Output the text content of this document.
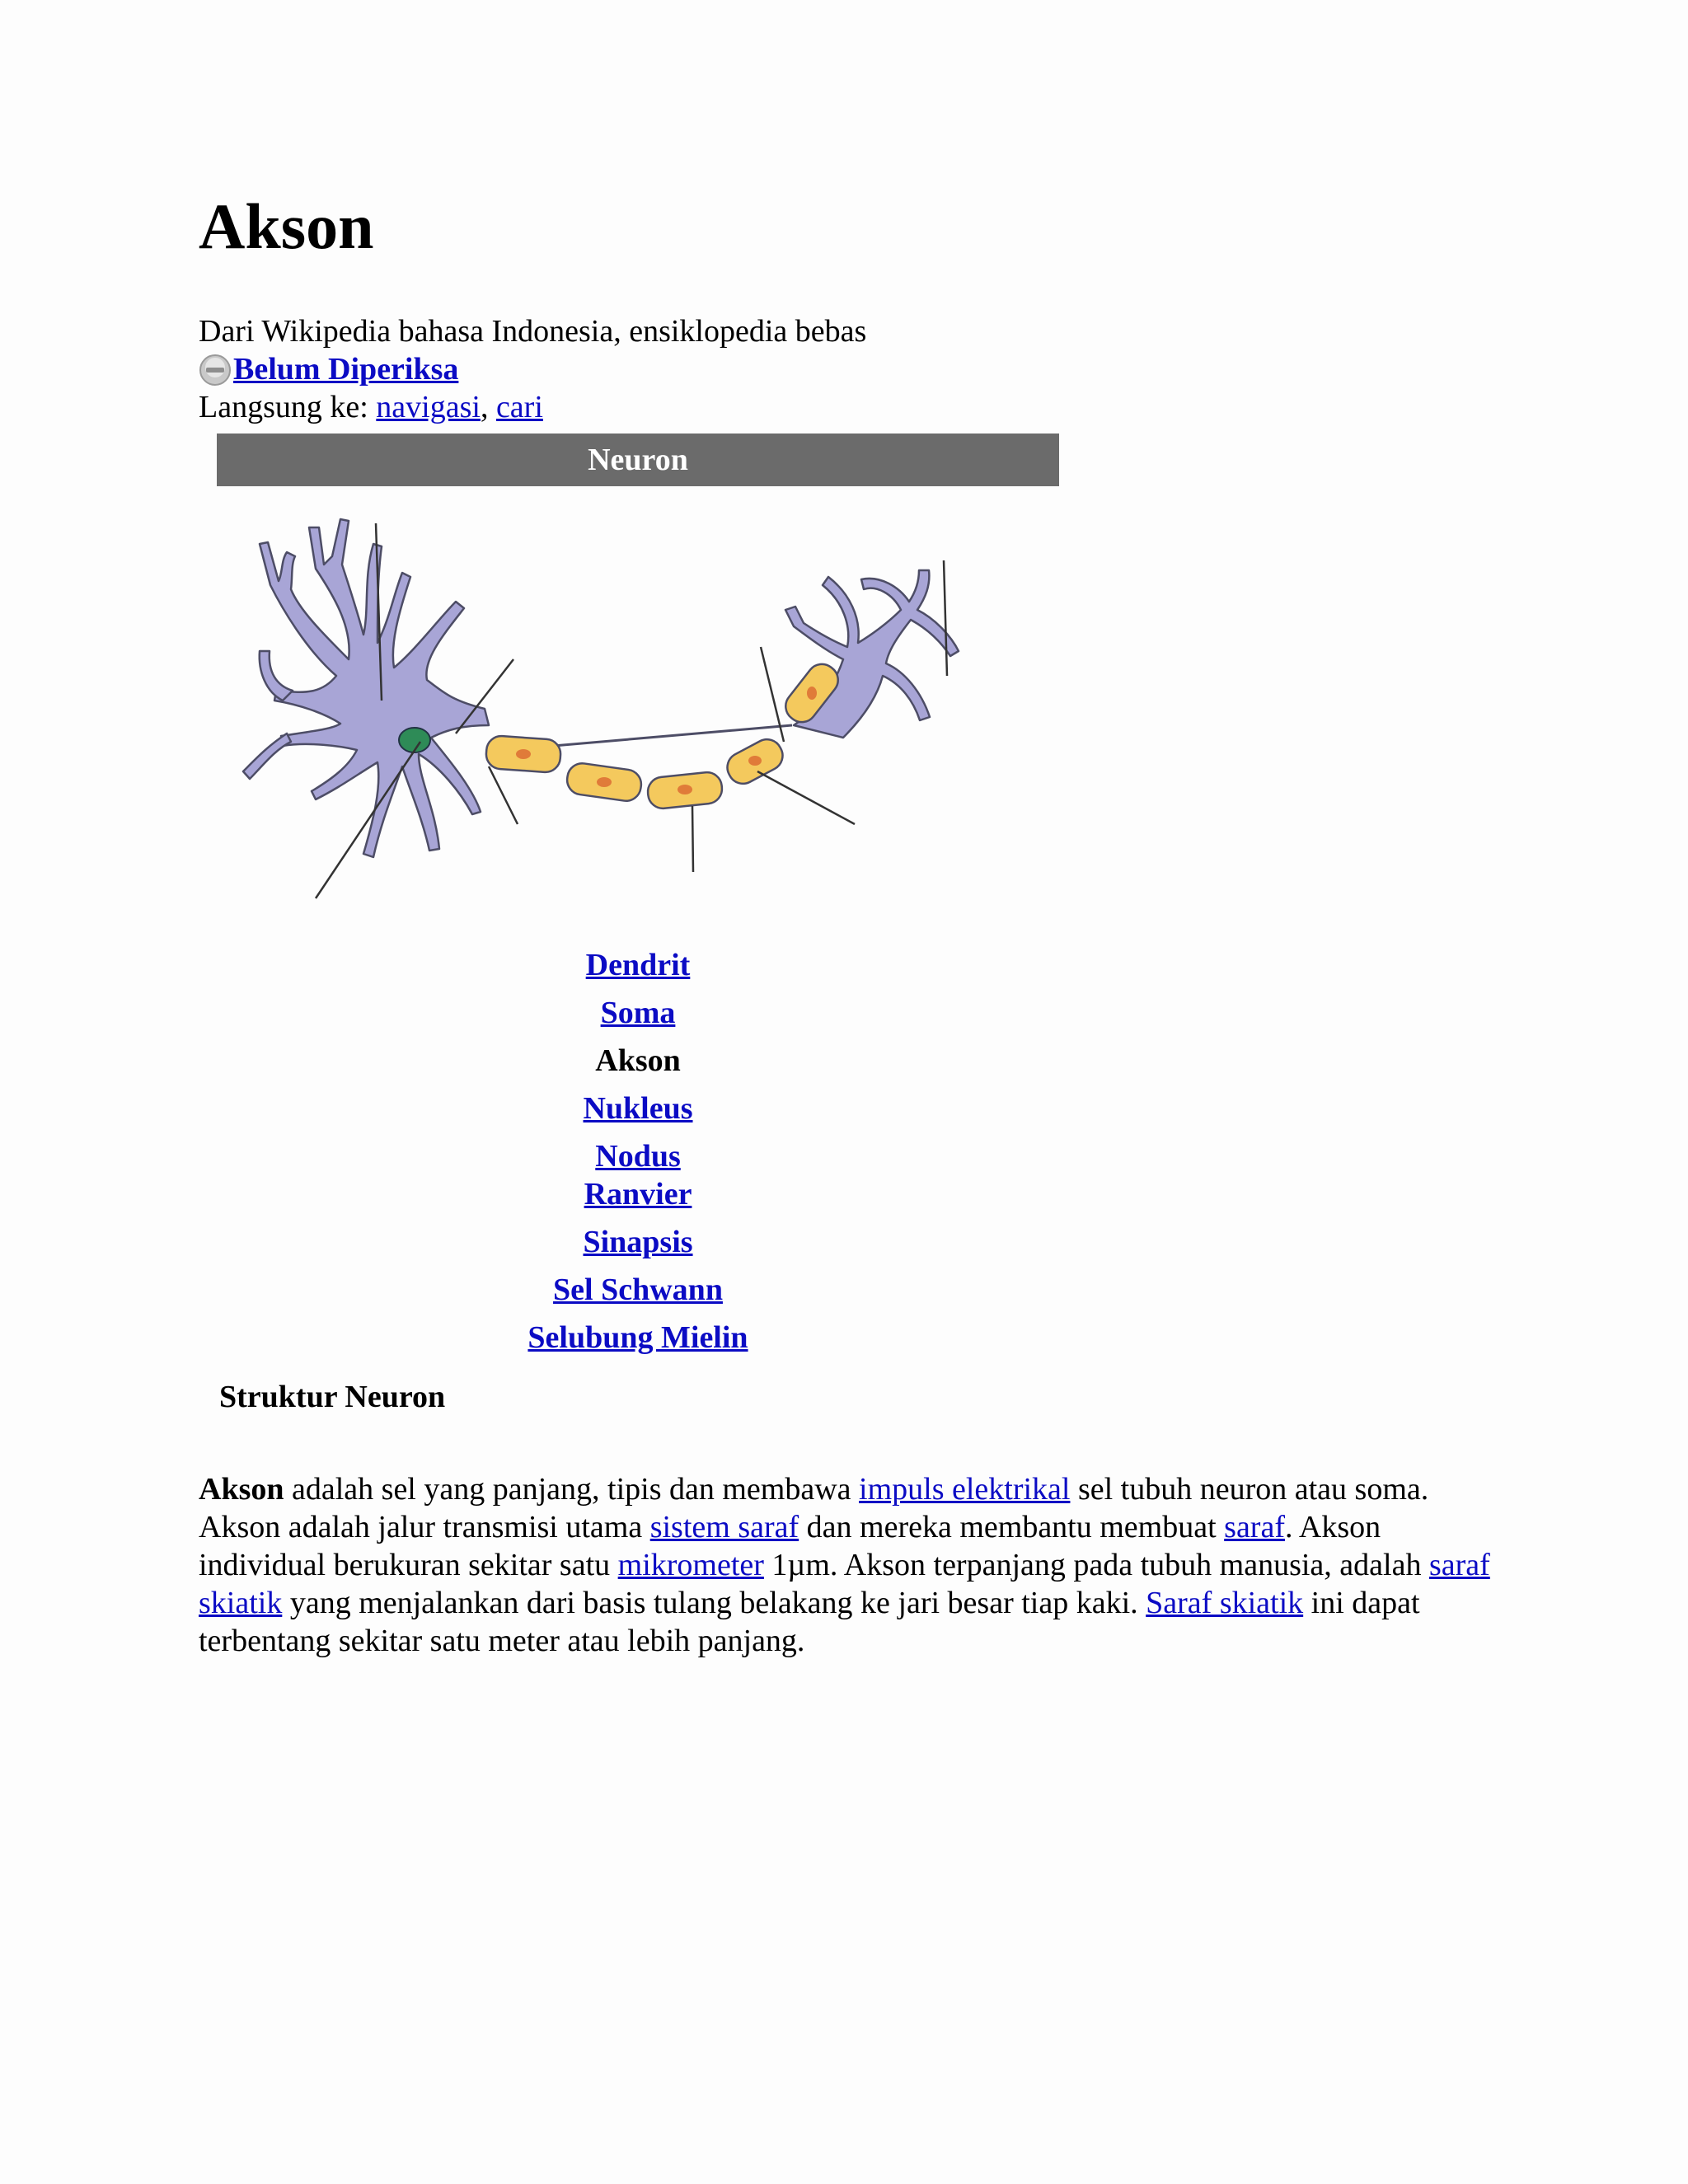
Akson
Dari Wikipedia bahasa Indonesia, ensiklopedia bebas
Belum Diperiksa
Langsung ke: navigasi, cari
Neuron
Dendrit
Soma
Akson
Nukleus
Nodus
Ranvier
Sinapsis
Sel Schwann
Selubung Mielin
Struktur Neuron

Akson adalah sel yang panjang, tipis dan membawa impuls elektrikal sel tubuh neuron atau soma. Akson adalah jalur transmisi utama sistem saraf dan mereka membantu membuat saraf. Akson individual berukuran sekitar satu mikrometer 1µm. Akson terpanjang pada tubuh manusia, adalah saraf skiatik yang menjalankan dari basis tulang belakang ke jari besar tiap kaki. Saraf skiatik ini dapat terbentang sekitar satu meter atau lebih panjang.
